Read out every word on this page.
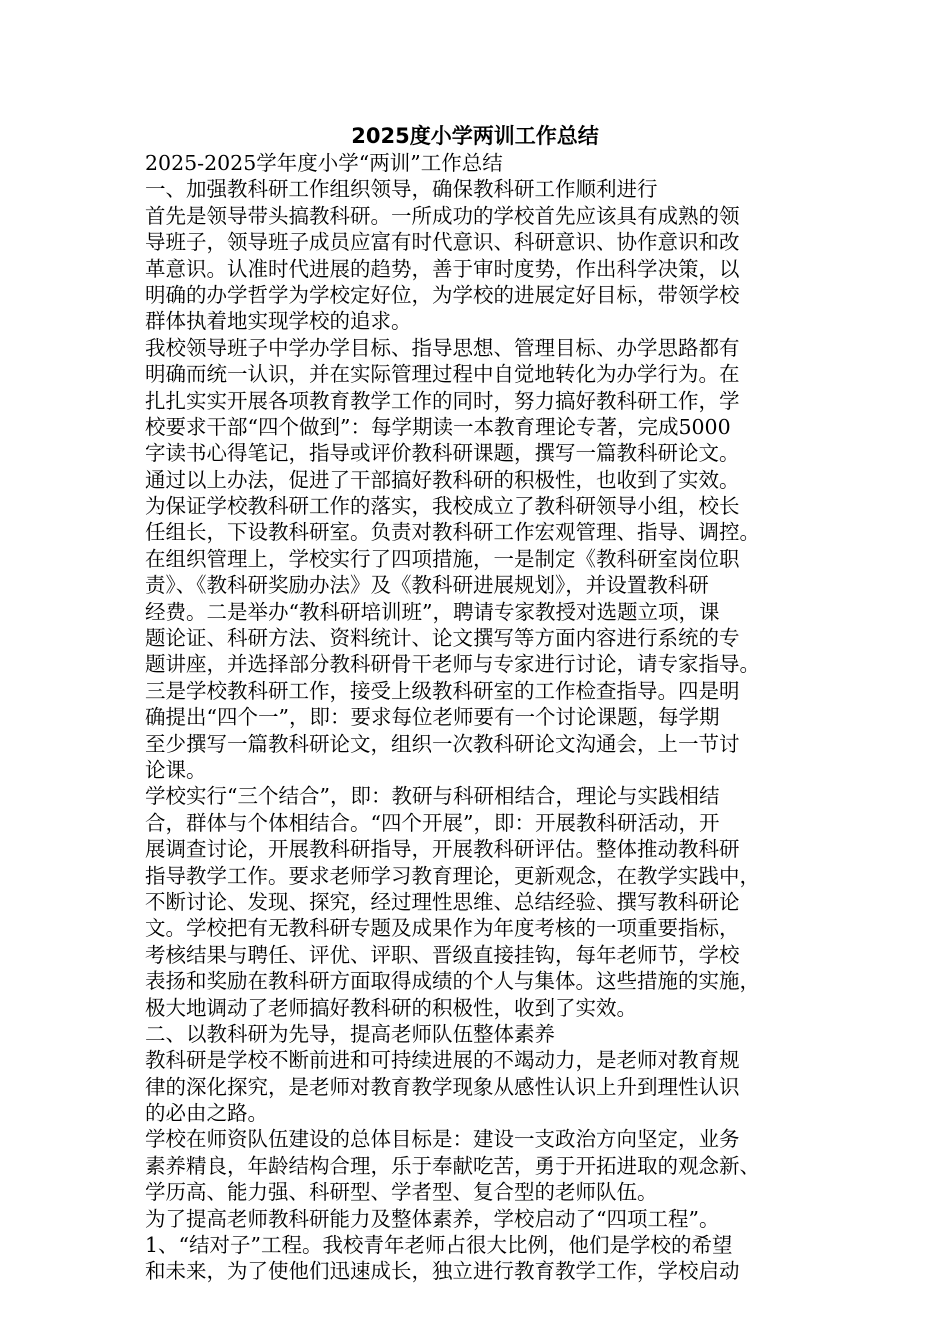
2025度小学两训工作总结
2025-2025学年度小学“两训”工作总结
一、加强教科研工作组织领导，确保教科研工作顺利进行
首先是领导带头搞教科研。一所成功的学校首先应该具有成熟的领
导班子，领导班子成员应富有时代意识、科研意识、协作意识和改
革意识。认准时代进展的趋势，善于审时度势，作出科学决策，以
明确的办学哲学为学校定好位，为学校的进展定好目标，带领学校
群体执着地实现学校的追求。
我校领导班子中学办学目标、指导思想、管理目标、办学思路都有
明确而统一认识，并在实际管理过程中自觉地转化为办学行为。在
扎扎实实开展各项教育教学工作的同时，努力搞好教科研工作，学
校要求干部“四个做到”：每学期读一本教育理论专著，完成5000
字读书心得笔记，指导或评价教科研课题，撰写一篇教科研论文。
通过以上办法，促进了干部搞好教科研的积极性，也收到了实效。
为保证学校教科研工作的落实，我校成立了教科研领导小组，校长
任组长，下设教科研室。负责对教科研工作宏观管理、指导、调控。
在组织管理上，学校实行了四项措施，一是制定《教科研室岗位职
责》、《教科研奖励办法》及《教科研进展规划》，并设置教科研
经费。二是举办“教科研培训班”，聘请专家教授对选题立项，课
题论证、科研方法、资料统计、论文撰写等方面内容进行系统的专
题讲座，并选择部分教科研骨干老师与专家进行讨论，请专家指导。
三是学校教科研工作，接受上级教科研室的工作检查指导。四是明
确提出“四个一”，即：要求每位老师要有一个讨论课题，每学期
至少撰写一篇教科研论文，组织一次教科研论文沟通会，上一节讨
论课。
学校实行“三个结合”，即：教研与科研相结合，理论与实践相结
合，群体与个体相结合。“四个开展”，即：开展教科研活动，开
展调查讨论，开展教科研指导，开展教科研评估。整体推动教科研
指导教学工作。要求老师学习教育理论，更新观念，在教学实践中，
不断讨论、发现、探究，经过理性思维、总结经验、撰写教科研论
文。学校把有无教科研专题及成果作为年度考核的一项重要指标，
考核结果与聘任、评优、评职、晋级直接挂钩，每年老师节，学校
表扬和奖励在教科研方面取得成绩的个人与集体。这些措施的实施，
极大地调动了老师搞好教科研的积极性，收到了实效。
二、以教科研为先导，提高老师队伍整体素养
教科研是学校不断前进和可持续进展的不竭动力，是老师对教育规
律的深化探究，是老师对教育教学现象从感性认识上升到理性认识
的必由之路。
学校在师资队伍建设的总体目标是：建设一支政治方向坚定，业务
素养精良，年龄结构合理，乐于奉献吃苦，勇于开拓进取的观念新、
学历高、能力强、科研型、学者型、复合型的老师队伍。
为了提高老师教科研能力及整体素养，学校启动了“四项工程”。
1、“结对子”工程。我校青年老师占很大比例，他们是学校的希望
和未来，为了使他们迅速成长，独立进行教育教学工作，学校启动
